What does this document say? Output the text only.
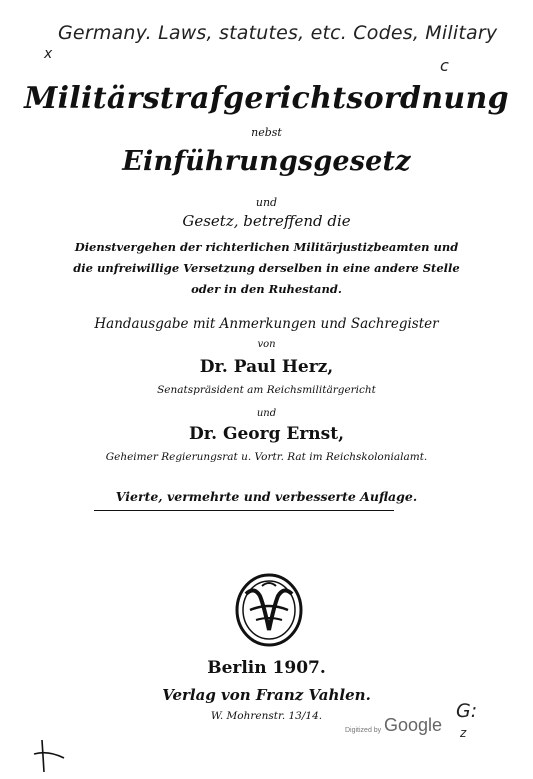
x
Germany. Laws, statutes, etc. Codes, Military
c
Militärstrafgerichtsordnung
nebst
Einführungsgesetz
und
Gesetz, betreffend die
Dienstvergehen der richterlichen Militärjustizbeamten und
die unfreiwillige Versetzung derselben in eine andere Stelle
oder in den Ruhestand.
Handausgabe mit Anmerkungen und Sachregister
von
Dr. Paul Herz,
Senatspräsident am Reichsmilitärgericht
und
Dr. Georg Ernst,
Geheimer Regierungsrat u. Vortr. Rat im Reichskolonialamt.
Vierte, vermehrte und verbesserte Auflage.
Berlin 1907.
Verlag von Franz Vahlen.
W. Mohrenstr. 13/14.
Digitized by Google
G:
z
